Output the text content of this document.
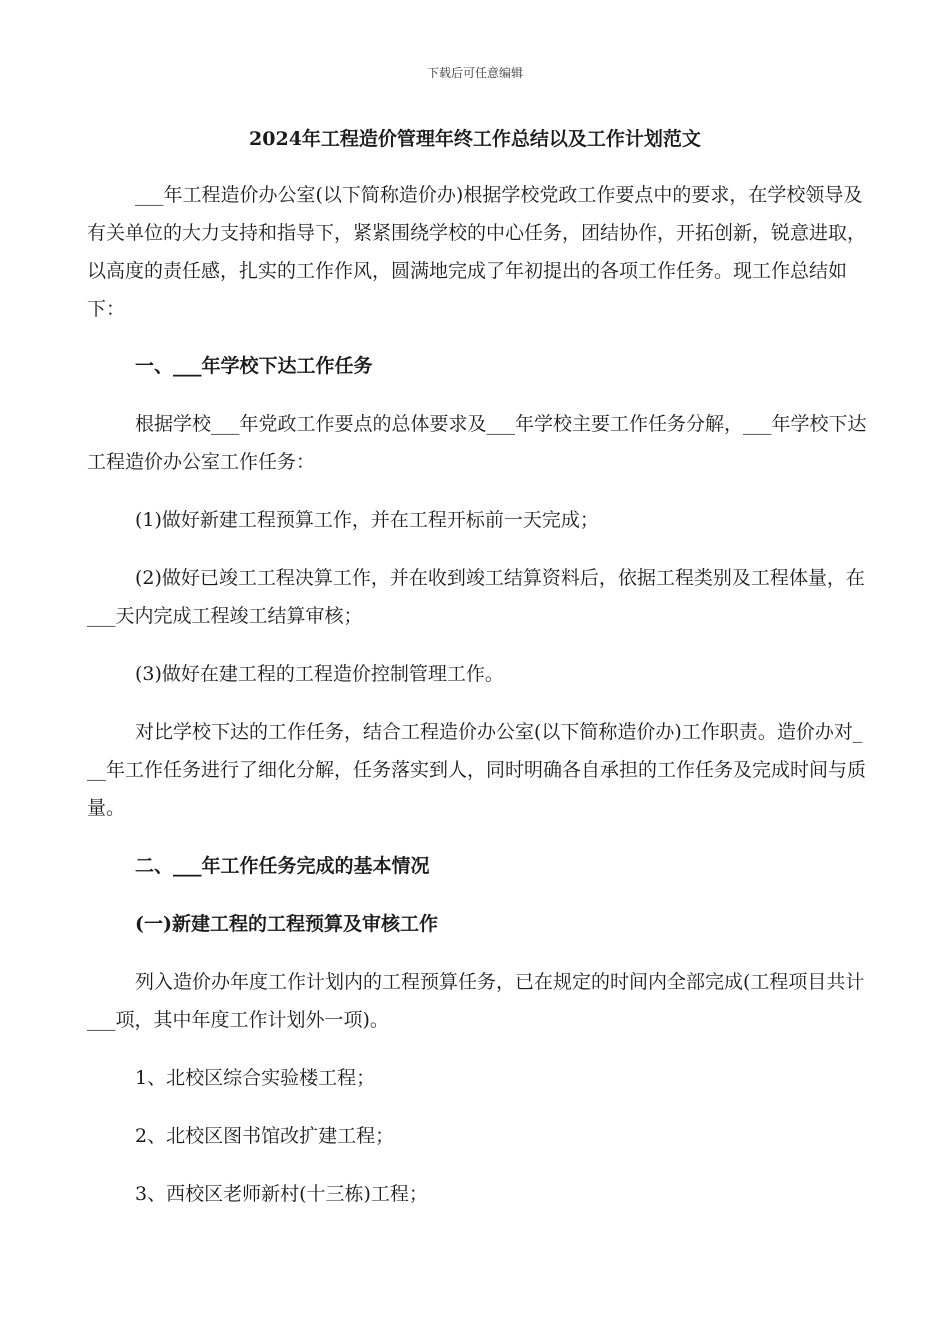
下载后可任意编辑
2024年工程造价管理年终工作总结以及工作计划范文
___年工程造价办公室(以下简称造价办)根据学校党政工作要点中的要求，在学校领导及有关单位的大力支持和指导下，紧紧围绕学校的中心任务，团结协作，开拓创新，锐意进取，以高度的责任感，扎实的工作作风，圆满地完成了年初提出的各项工作任务。现工作总结如下：
一、___年学校下达工作任务
根据学校___年党政工作要点的总体要求及___年学校主要工作任务分解，___年学校下达工程造价办公室工作任务：
(1)做好新建工程预算工作，并在工程开标前一天完成；
(2)做好已竣工工程决算工作，并在收到竣工结算资料后，依据工程类别及工程体量，在___天内完成工程竣工结算审核；
(3)做好在建工程的工程造价控制管理工作。
对比学校下达的工作任务，结合工程造价办公室(以下简称造价办)工作职责。造价办对___年工作任务进行了细化分解，任务落实到人，同时明确各自承担的工作任务及完成时间与质量。
二、___年工作任务完成的基本情况
(一)新建工程的工程预算及审核工作
列入造价办年度工作计划内的工程预算任务，已在规定的时间内全部完成(工程项目共计___项，其中年度工作计划外一项)。
1、北校区综合实验楼工程；
2、北校区图书馆改扩建工程；
3、西校区老师新村(十三栋)工程；
